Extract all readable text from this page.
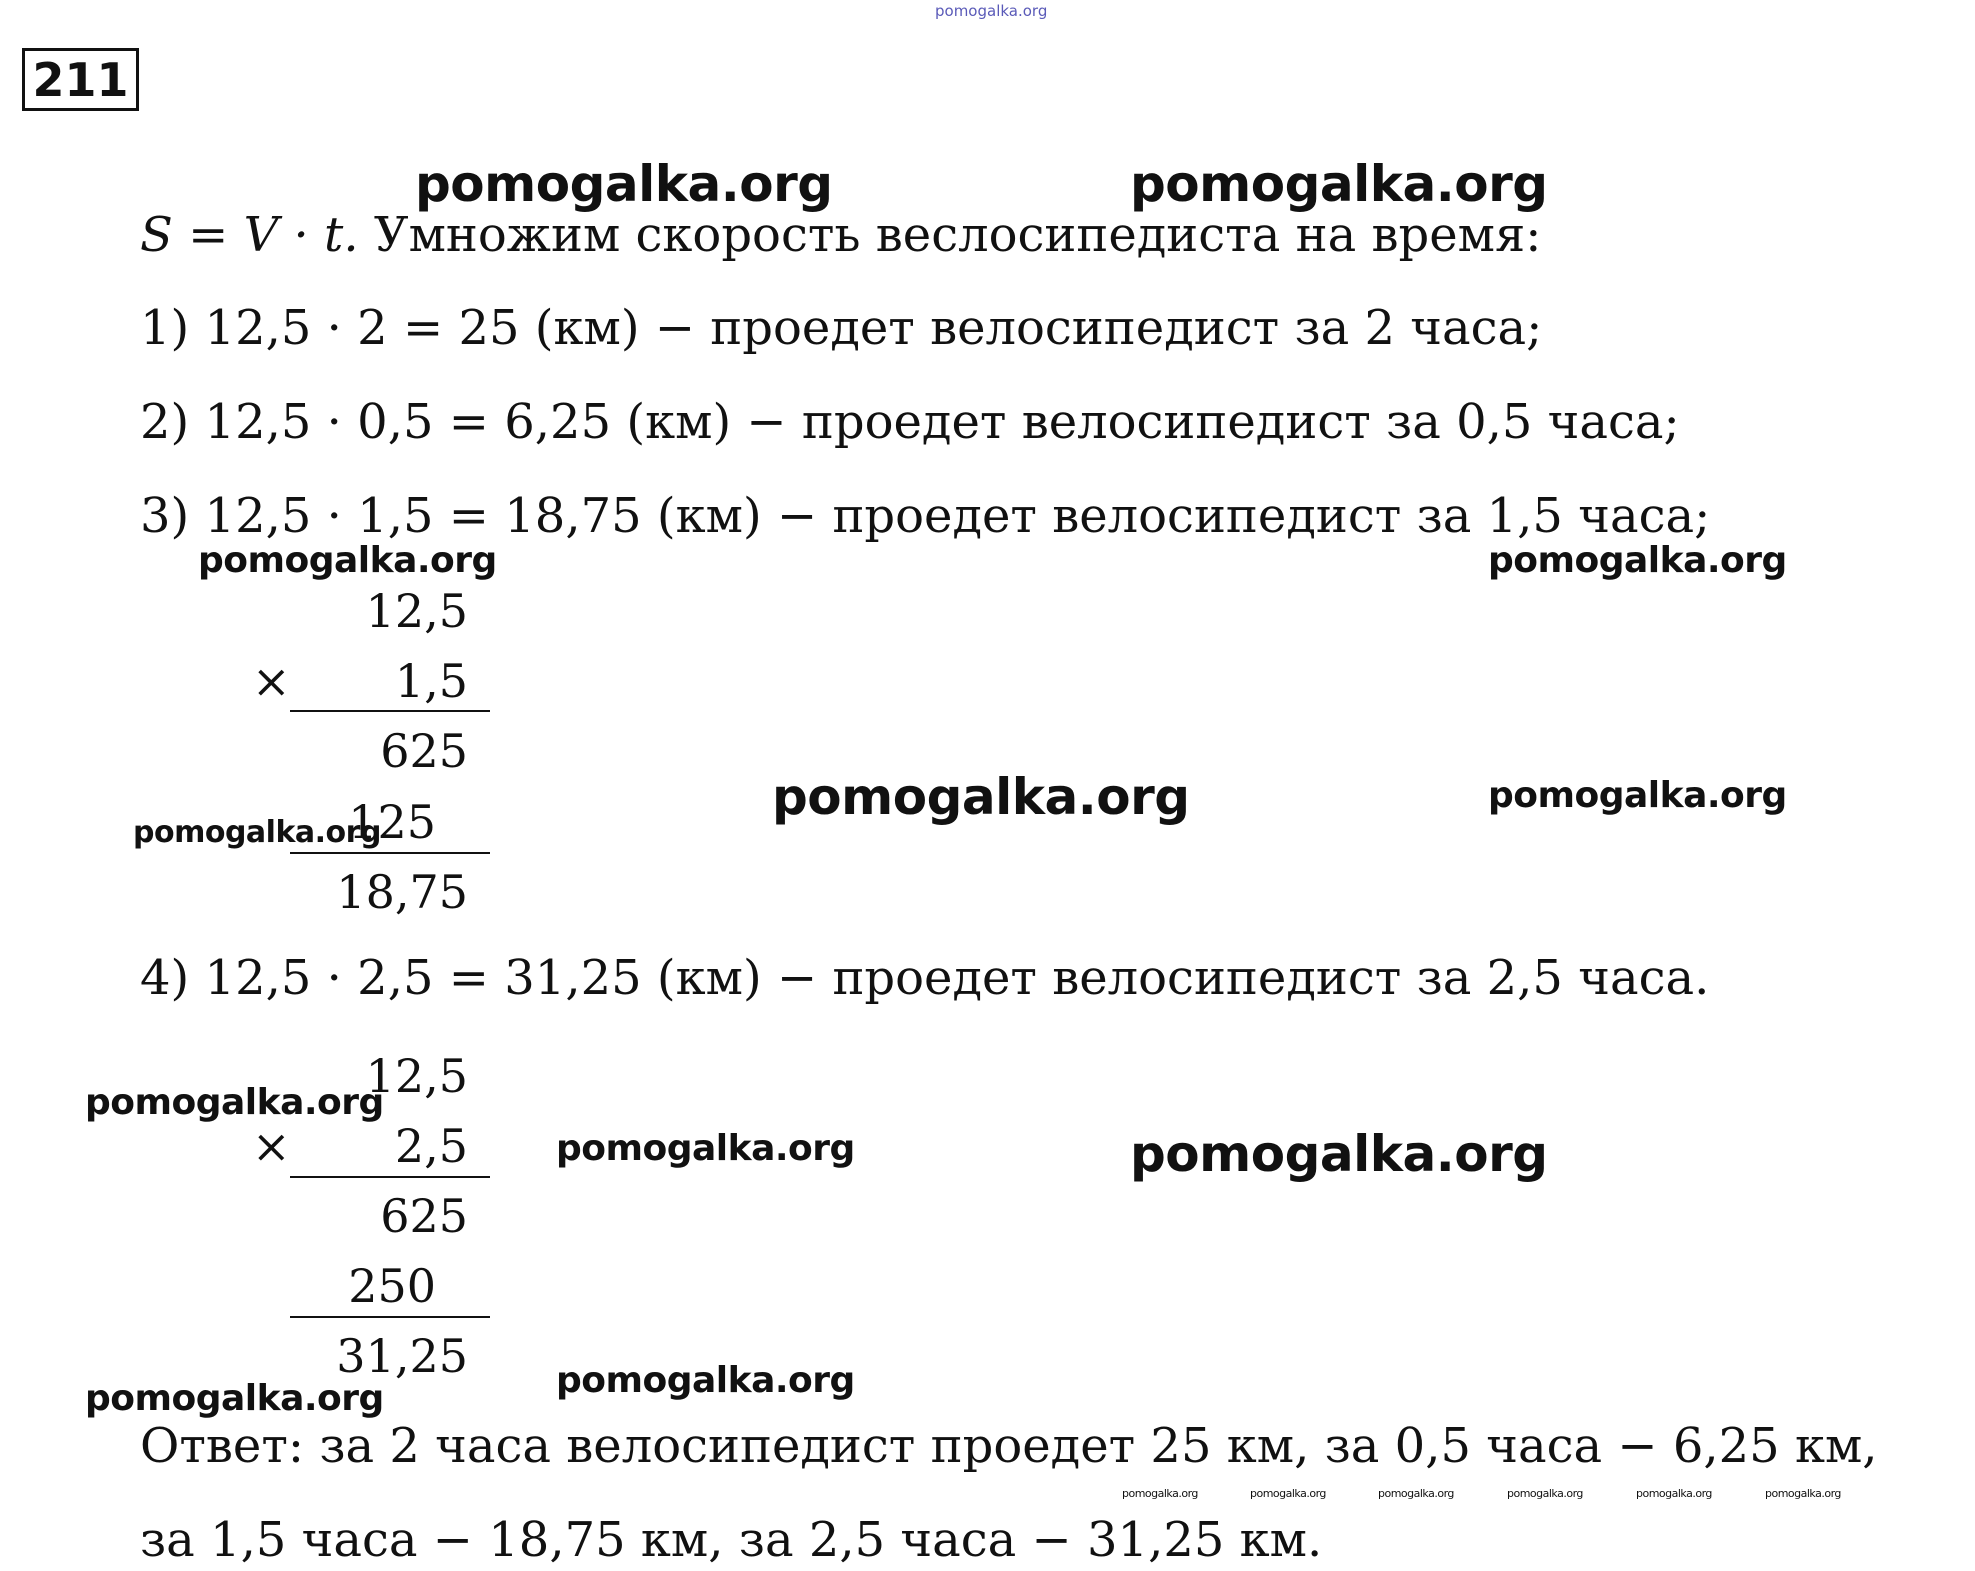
pomogalka.org
211
pomogalka.org	pomogalka.org
S = V · t. Умножим скорость веслосипедиста на время:
1) 12,5 · 2 = 25 (км) − проедет велосипедист за 2 часа;
2) 12,5 · 0,5 = 6,25 (км) − проедет велосипедист за 0,5 часа;
3) 12,5 · 1,5 = 18,75 (км) − проедет велосипедист за 1,5 часа;
pomogalka.org	pomogalka.org
12,5
×	1,5
625
125
18,75
pomogalka.org
pomogalka.org	pomogalka.org
4) 12,5 · 2,5 = 31,25 (км) − проедет велосипедист за 2,5 часа.
12,5
×	2,5
625
250
31,25
pomogalka.org
pomogalka.org	pomogalka.org
pomogalka.org	pomogalka.org
Ответ: за 2 часа велосипедист проедет 25 км, за 0,5 часа − 6,25 км,
pomogalka.org	pomogalka.org	pomogalka.org	pomogalka.org	pomogalka.org	pomogalka.org
за 1,5 часа − 18,75 км, за 2,5 часа − 31,25 км.
